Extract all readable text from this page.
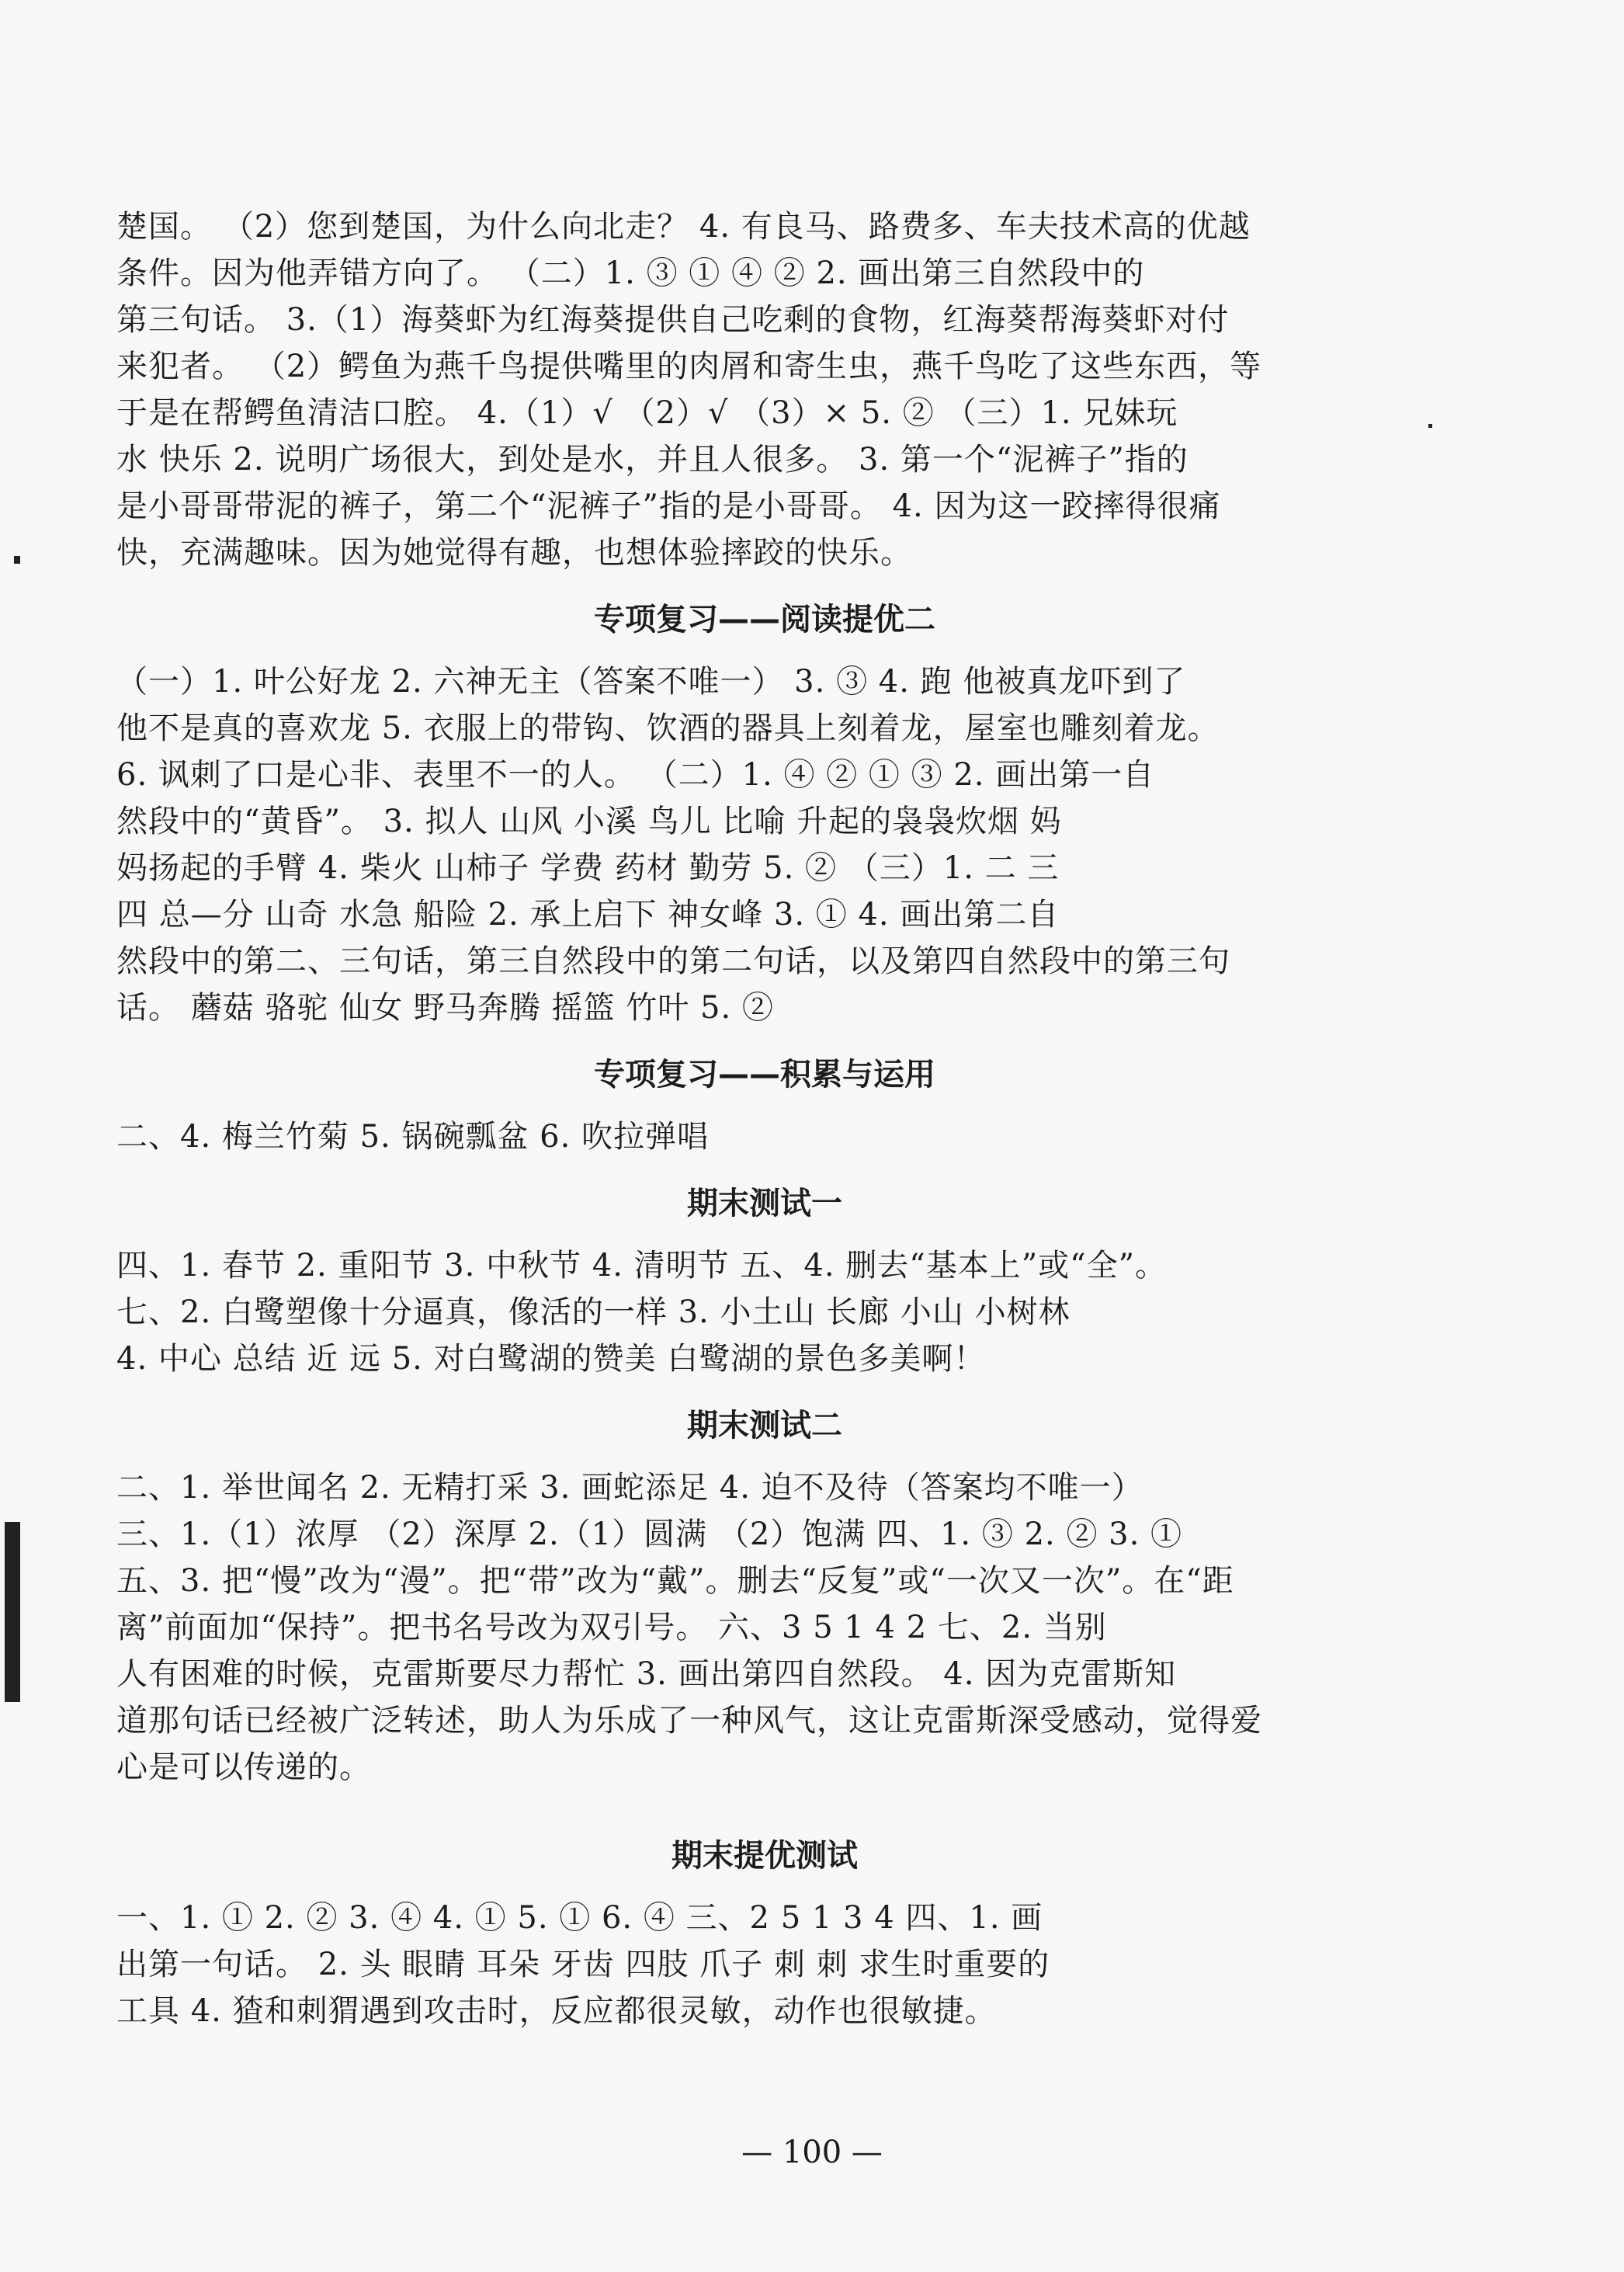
楚国。 （2）您到楚国，为什么向北走？ 4. 有良马、路费多、车夫技术高的优越

条件。因为他弄错方向了。 （二）1. ③ ① ④ ② 2. 画出第三自然段中的

第三句话。 3.（1）海葵虾为红海葵提供自己吃剩的食物，红海葵帮海葵虾对付

来犯者。 （2）鳄鱼为燕千鸟提供嘴里的肉屑和寄生虫，燕千鸟吃了这些东西，等

于是在帮鳄鱼清洁口腔。 4.（1）√ （2）√ （3）× 5. ② （三）1. 兄妹玩

水 快乐 2. 说明广场很大，到处是水，并且人很多。 3. 第一个“泥裤子”指的

是小哥哥带泥的裤子，第二个“泥裤子”指的是小哥哥。 4. 因为这一跤摔得很痛

快，充满趣味。因为她觉得有趣，也想体验摔跤的快乐。

专项复习——阅读提优二

（一）1. 叶公好龙 2. 六神无主（答案不唯一） 3. ③ 4. 跑 他被真龙吓到了

他不是真的喜欢龙 5. 衣服上的带钩、饮酒的器具上刻着龙，屋室也雕刻着龙。

6. 讽刺了口是心非、表里不一的人。 （二）1. ④ ② ① ③ 2. 画出第一自

然段中的“黄昏”。 3. 拟人 山风 小溪 鸟儿 比喻 升起的袅袅炊烟 妈

妈扬起的手臂 4. 柴火 山柿子 学费 药材 勤劳 5. ② （三）1. 二 三

四 总—分 山奇 水急 船险 2. 承上启下 神女峰 3. ① 4. 画出第二自

然段中的第二、三句话，第三自然段中的第二句话，以及第四自然段中的第三句

话。 蘑菇 骆驼 仙女 野马奔腾 摇篮 竹叶 5. ②

专项复习——积累与运用

二、4. 梅兰竹菊 5. 锅碗瓢盆 6. 吹拉弹唱

期末测试一

四、1. 春节 2. 重阳节 3. 中秋节 4. 清明节 五、4. 删去“基本上”或“全”。

七、2. 白鹭塑像十分逼真，像活的一样 3. 小土山 长廊 小山 小树林

4. 中心 总结 近 远 5. 对白鹭湖的赞美 白鹭湖的景色多美啊！

期末测试二

二、1. 举世闻名 2. 无精打采 3. 画蛇添足 4. 迫不及待（答案均不唯一）

三、1.（1）浓厚 （2）深厚 2.（1）圆满 （2）饱满 四、1. ③ 2. ② 3. ①

五、3. 把“慢”改为“漫”。把“带”改为“戴”。删去“反复”或“一次又一次”。在“距

离”前面加“保持”。把书名号改为双引号。 六、3 5 1 4 2 七、2. 当别

人有困难的时候，克雷斯要尽力帮忙 3. 画出第四自然段。 4. 因为克雷斯知

道那句话已经被广泛转述，助人为乐成了一种风气，这让克雷斯深受感动，觉得爱

心是可以传递的。

期末提优测试

一、1. ① 2. ② 3. ④ 4. ① 5. ① 6. ④ 三、2 5 1 3 4 四、1. 画

出第一句话。 2. 头 眼睛 耳朵 牙齿 四肢 爪子 刺 刺 求生时重要的

工具 4. 猹和刺猬遇到攻击时，反应都很灵敏，动作也很敏捷。

— 100 —
